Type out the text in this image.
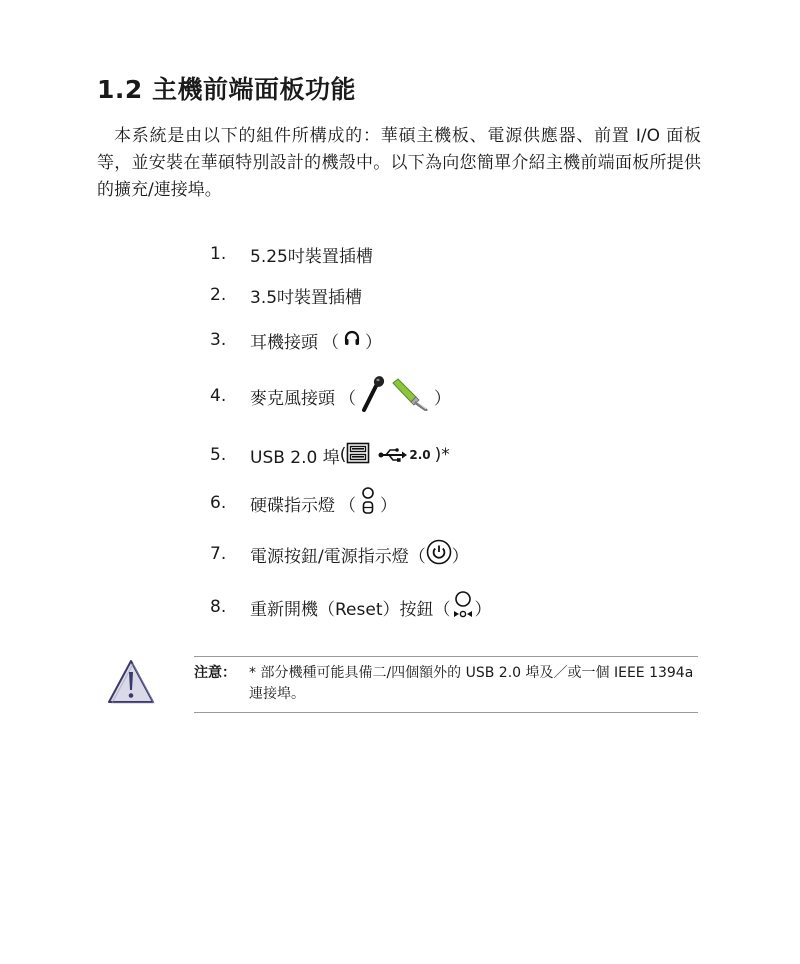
1.2 主機前端面板功能

本系統是由以下的組件所構成的：華碩主機板、電源供應器、前置 I/O 面板等，並安裝在華碩特別設計的機殼中。以下為向您簡單介紹主機前端面板所提供的擴充/連接埠。

1.	5.25吋裝置插槽
2.	3.5吋裝置插槽
3.	耳機接頭 （ ）
4.	麥克風接頭 （	）
5.	USB 2.0 埠 (	2.0 ) *
6.	硬碟指示燈 （ ）
7.	電源按鈕/電源指示燈 （ ）
8.	重新開機（Reset）按鈕 （ ）
注意： * 部分機種可能具備二/四個額外的 USB 2.0 埠及／或一個 IEEE 1394a 連接埠。
